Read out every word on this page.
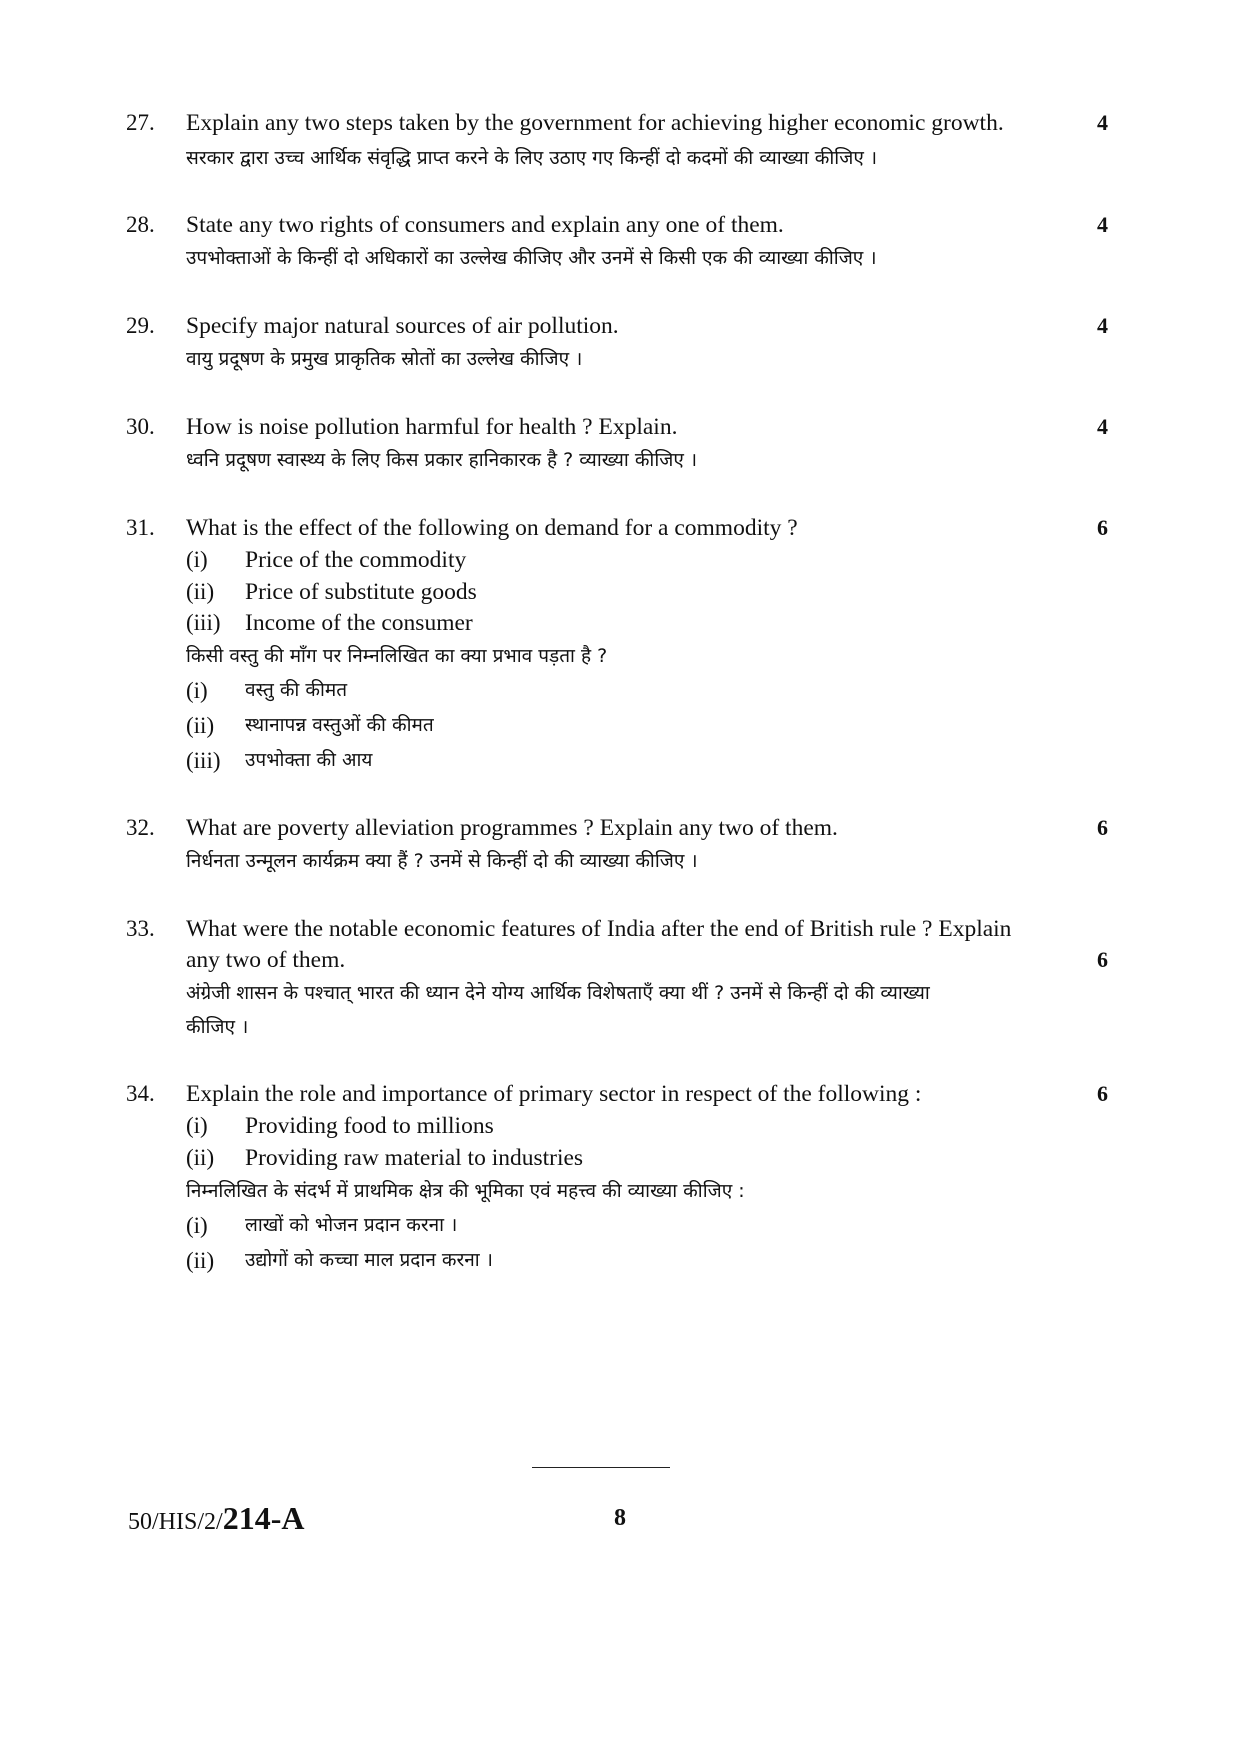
27. Explain any two steps taken by the government for achieving higher economic growth.	4
सरकार द्वारा उच्च आर्थिक संवृद्धि प्राप्त करने के लिए उठाए गए किन्हीं दो कदमों की व्याख्या कीजिए ।
28. State any two rights of consumers and explain any one of them.	4
उपभोक्ताओं के किन्हीं दो अधिकारों का उल्लेख कीजिए और उनमें से किसी एक की व्याख्या कीजिए ।
29. Specify major natural sources of air pollution.	4
वायु प्रदूषण के प्रमुख प्राकृतिक स्रोतों का उल्लेख कीजिए ।
30. How is noise pollution harmful for health ? Explain.	4
ध्वनि प्रदूषण स्वास्थ्य के लिए किस प्रकार हानिकारक है ? व्याख्या कीजिए ।
31. What is the effect of the following on demand for a commodity ?	6
(i) Price of the commodity
(ii) Price of substitute goods
(iii) Income of the consumer
किसी वस्तु की माँग पर निम्नलिखित का क्या प्रभाव पड़ता है ?
(i) वस्तु की कीमत
(ii) स्थानापन्न वस्तुओं की कीमत
(iii) उपभोक्ता की आय
32. What are poverty alleviation programmes ? Explain any two of them.	6
निर्धनता उन्मूलन कार्यक्रम क्या हैं ? उनमें से किन्हीं दो की व्याख्या कीजिए ।
33. What were the notable economic features of India after the end of British rule ? Explain
any two of them.	6
अंग्रेजी शासन के पश्चात् भारत की ध्यान देने योग्य आर्थिक विशेषताएँ क्या थीं ? उनमें से किन्हीं दो की व्याख्या
कीजिए ।
34. Explain the role and importance of primary sector in respect of the following :	6
(i) Providing food to millions
(ii) Providing raw material to industries
निम्नलिखित के संदर्भ में प्राथमिक क्षेत्र की भूमिका एवं महत्त्व की व्याख्या कीजिए :
(i) लाखों को भोजन प्रदान करना ।
(ii) उद्योगों को कच्चा माल प्रदान करना ।
50/HIS/2/214-A	8
